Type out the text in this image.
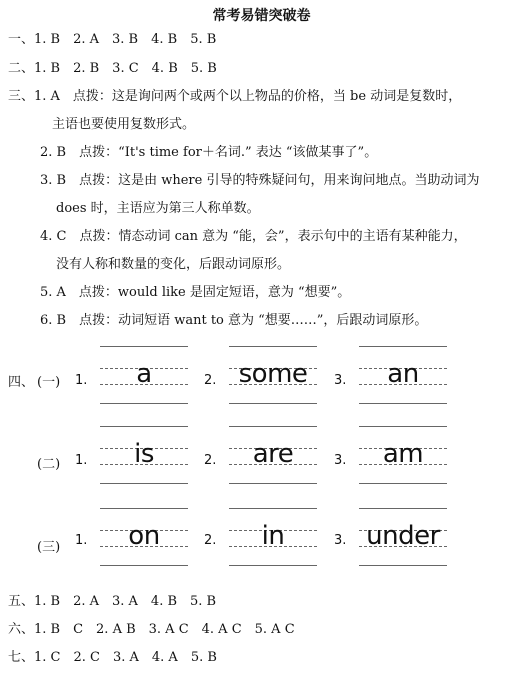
常考易错突破卷
一、1. B　2. A　3. B　4. B　5. B
二、1. B　2. B　3. C　4. B　5. B
三、1. A　点拨：这是询问两个或两个以上物品的价格，当 be 动词是复数时，
主语也要使用复数形式。
2. B　点拨：“It's time for＋名词.” 表达 “该做某事了”。
3. B　点拨：这是由 where 引导的特殊疑问句，用来询问地点。当助动词为
does 时，主语应为第三人称单数。
4. C　点拨：情态动词 can 意为 “能，会”，表示句中的主语有某种能力，
没有人称和数量的变化，后跟动词原形。
5. A　点拨：would like 是固定短语，意为 “想要”。
6. B　点拨：动词短语 want to 意为 “想要……”，后跟动词原形。
四、 (一) 1.	a	2. some	3.	an
(二) 1.	is	2.	are	3.	am
(三) 1.	on	2.	in	3. under
五、1. B　2. A　3. A　4. B　5. B
六、1. B　C　2. A B　3. A C　4. A C　5. A C
七、1. C　2. C　3. A　4. A　5. B
